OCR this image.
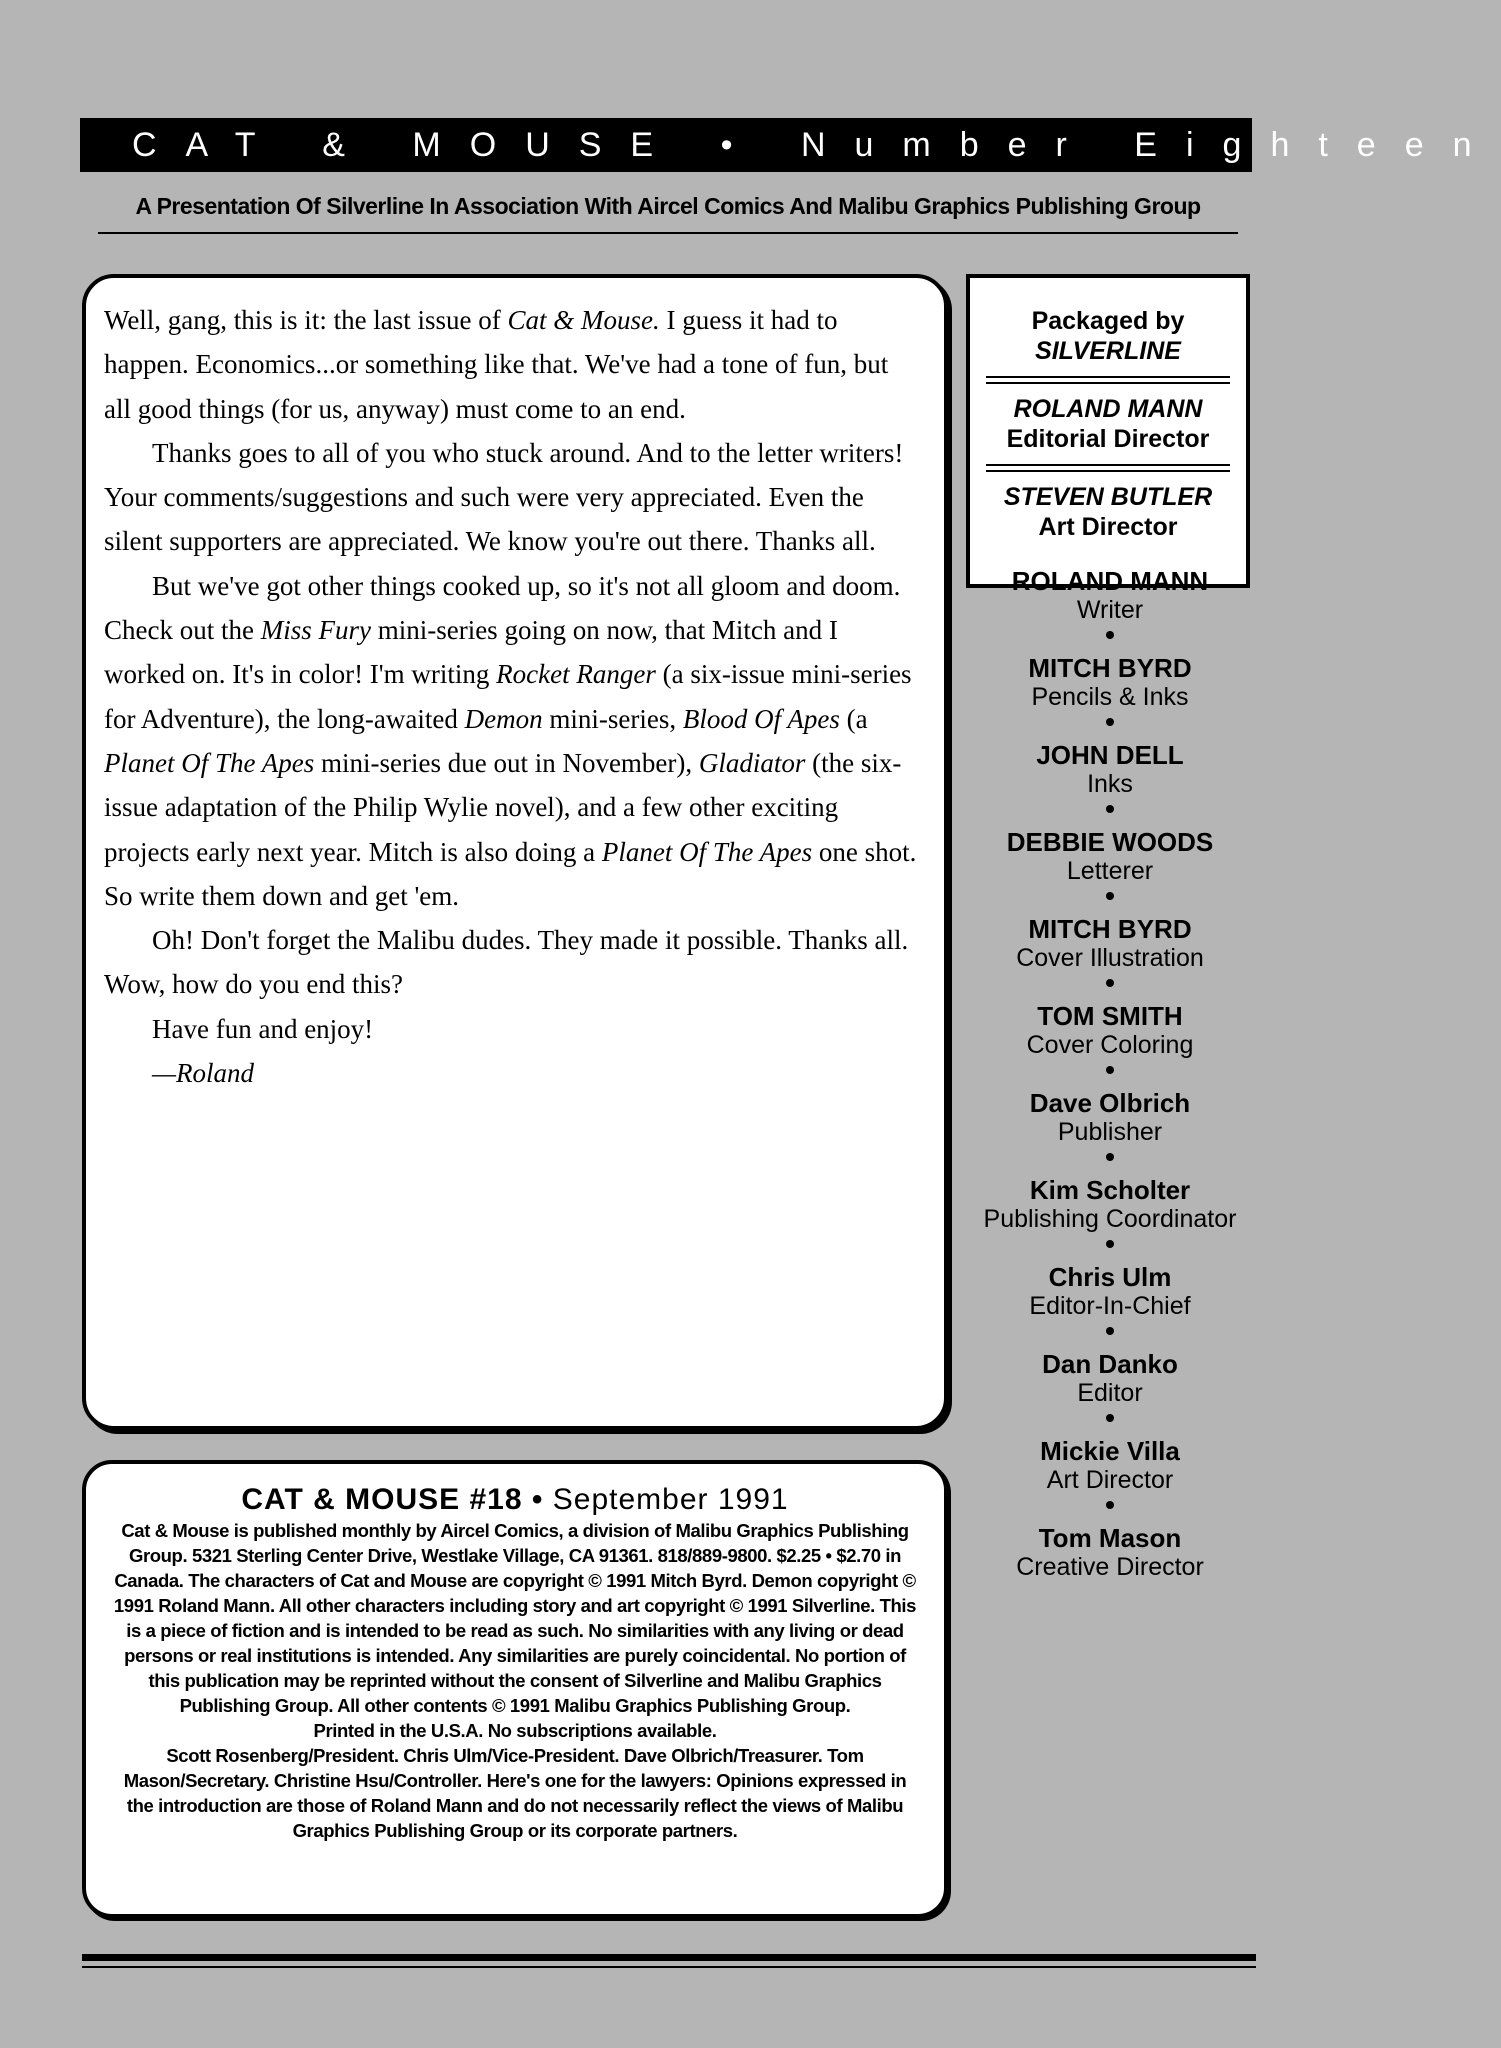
CAT & MOUSE • Number Eighteen
A Presentation Of Silverline In Association With Aircel Comics And Malibu Graphics Publishing Group

Well, gang, this is it: the last issue of Cat & Mouse. I guess it had to happen. Economics...or something like that. We've had a tone of fun, but all good things (for us, anyway) must come to an end.

Thanks goes to all of you who stuck around. And to the letter writers! Your comments/suggestions and such were very appreciated. Even the silent supporters are appreciated. We know you're out there. Thanks all.

But we've got other things cooked up, so it's not all gloom and doom. Check out the Miss Fury mini-series going on now, that Mitch and I worked on. It's in color! I'm writing Rocket Ranger (a six-issue mini-series for Adventure), the long-awaited Demon mini-series, Blood Of Apes (a Planet Of The Apes mini-series due out in November), Gladiator (the six-issue adaptation of the Philip Wylie novel), and a few other exciting projects early next year. Mitch is also doing a Planet Of The Apes one shot. So write them down and get 'em.

Oh! Don't forget the Malibu dudes. They made it possible. Thanks all. Wow, how do you end this?

Have fun and enjoy!

—Roland

CAT & MOUSE #18 • September 1991

Cat & Mouse is published monthly by Aircel Comics, a division of Malibu Graphics Publishing Group. 5321 Sterling Center Drive, Westlake Village, CA 91361. 818/889-9800. $2.25 • $2.70 in Canada. The characters of Cat and Mouse are copyright © 1991 Mitch Byrd. Demon copyright © 1991 Roland Mann. All other characters including story and art copyright © 1991 Silverline. This is a piece of fiction and is intended to be read as such. No similarities with any living or dead persons or real institutions is intended. Any similarities are purely coincidental. No portion of this publication may be reprinted without the consent of Silverline and Malibu Graphics Publishing Group. All other contents © 1991 Malibu Graphics Publishing Group.

Printed in the U.S.A. No subscriptions available.

Scott Rosenberg/President. Chris Ulm/Vice-President. Dave Olbrich/Treasurer. Tom Mason/Secretary. Christine Hsu/Controller. Here's one for the lawyers: Opinions expressed in the introduction are those of Roland Mann and do not necessarily reflect the views of Malibu Graphics Publishing Group or its corporate partners.

Packaged by
SILVERLINE
ROLAND MANN
Editorial Director
STEVEN BUTLER
Art Director
ROLAND MANN
Writer
MITCH BYRD
Pencils & Inks
JOHN DELL
Inks
DEBBIE WOODS
Letterer
MITCH BYRD
Cover Illustration
TOM SMITH
Cover Coloring
Dave Olbrich
Publisher
Kim Scholter
Publishing Coordinator
Chris Ulm
Editor-In-Chief
Dan Danko
Editor
Mickie Villa
Art Director
Tom Mason
Creative Director
